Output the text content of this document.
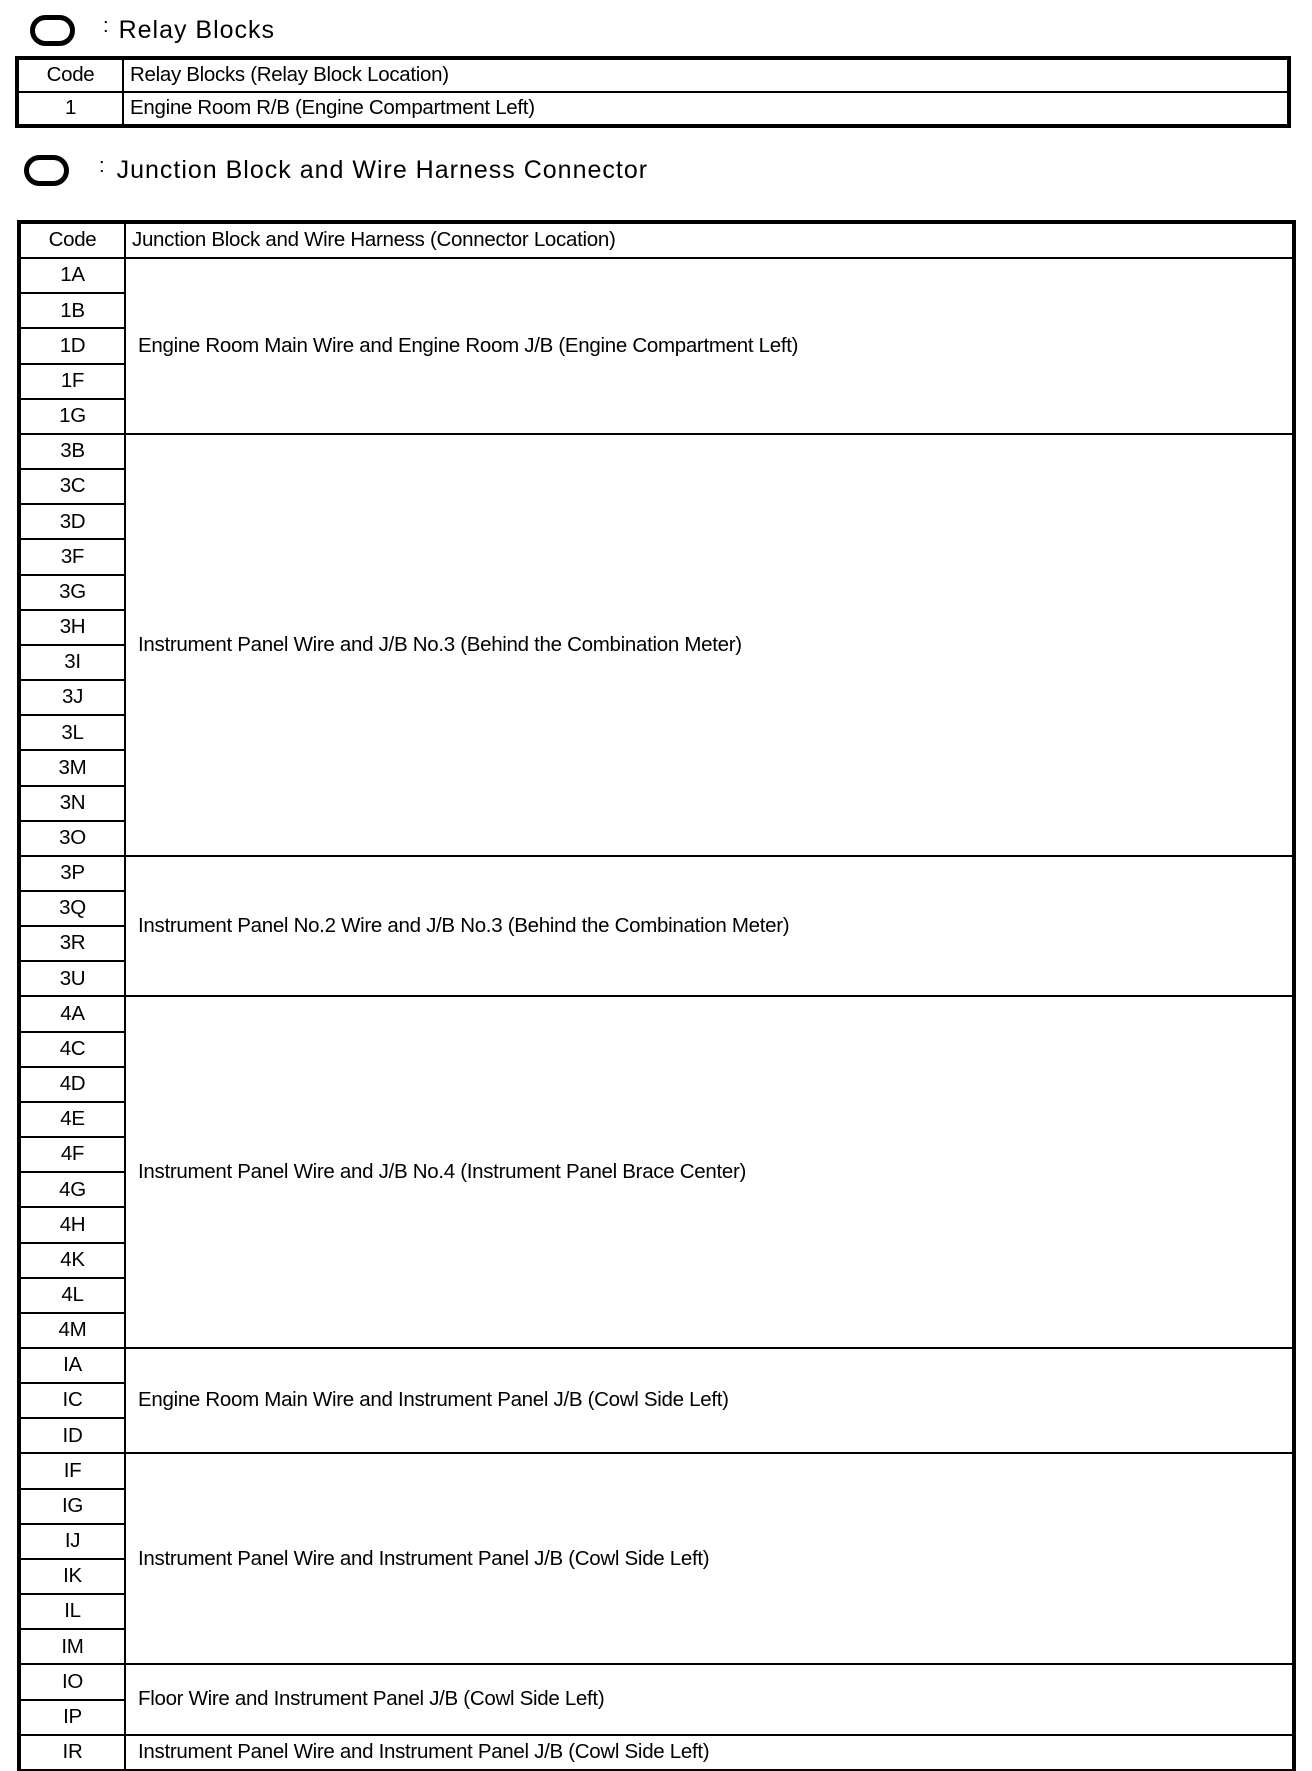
: Relay Blocks
Code	Relay Blocks (Relay Block Location)
1	Engine Room R/B (Engine Compartment Left)
: Junction Block and Wire Harness Connector
Code	Junction Block and Wire Harness (Connector Location)
1A	Engine Room Main Wire and Engine Room J/B (Engine Compartment Left)
1B	
1D	
1F	
1G	
3B	Instrument Panel Wire and J/B No.3 (Behind the Combination Meter)
3C	
3D	
3F	
3G	
3H	
3I	
3J	
3L	
3M	
3N	
3O	
3P	Instrument Panel No.2 Wire and J/B No.3 (Behind the Combination Meter)
3Q	
3R	
3U	
4A	Instrument Panel Wire and J/B No.4 (Instrument Panel Brace Center)
4C	
4D	
4E	
4F	
4G	
4H	
4K	
4L	
4M	
IA	Engine Room Main Wire and Instrument Panel J/B (Cowl Side Left)
IC	
ID	
IF	Instrument Panel Wire and Instrument Panel J/B (Cowl Side Left)
IG	
IJ	
IK	
IL	
IM	
IO	Floor Wire and Instrument Panel J/B (Cowl Side Left)
IP	
IR	Instrument Panel Wire and Instrument Panel J/B (Cowl Side Left)
